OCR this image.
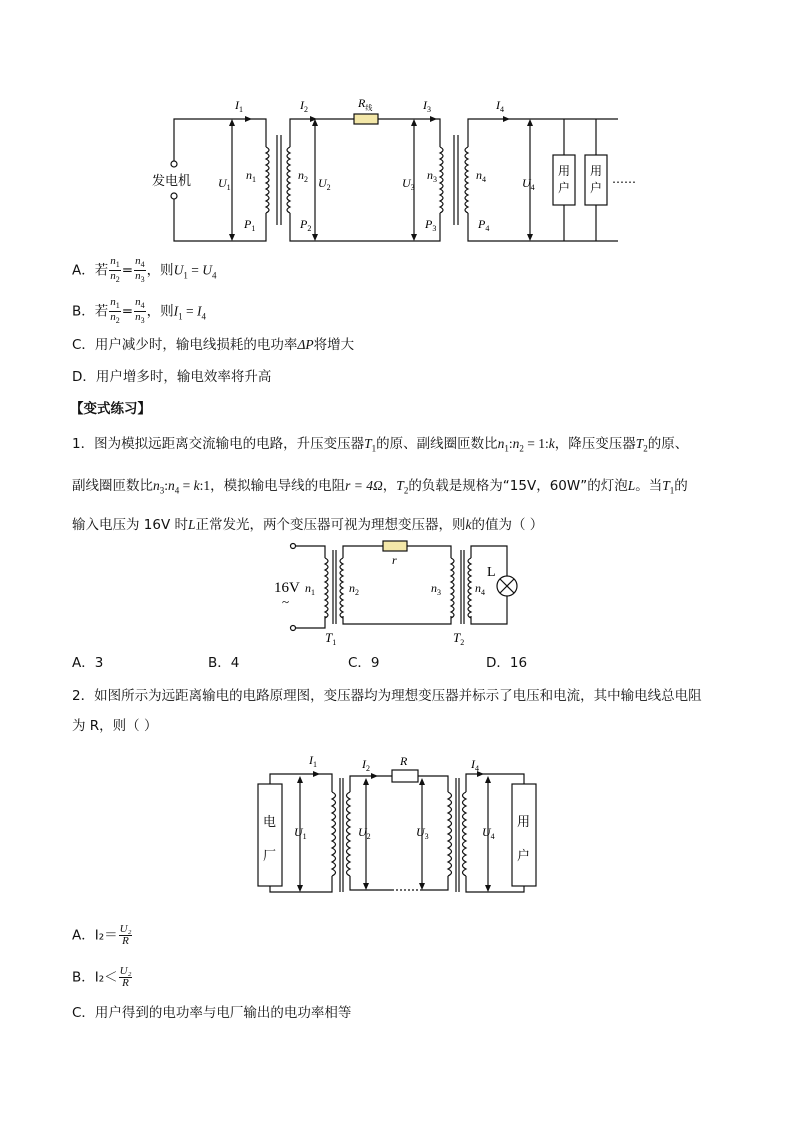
$I_1$	$I_2$	$I_3$	$I_4$
$R_线$
$U_1$	$U_2$	$U_3$	$U_4$
$n_1$	$n_2$	$n_3$	$n_4$
$P_1$	$P_2$	$P_3$	$P_4$
发电机
用
户
用
户
……
A．若 $\frac{n_1}{n_2} = \frac{n_4}{n_3}$ ，则$U_1 = U_4$
B．若 $\frac{n_1}{n_2} = \frac{n_4}{n_3}$ ，则$I_1 = I_4$
C．用户减少时，输电线损耗的电功率ΔP将增大
D．用户增多时，输电效率将升高
【变式练习】
1．图为模拟远距离交流输电的电路，升压变压器$T_1$的原、副线圈匝数比$n_1:n_2$ = 1:k，降压变压器$T_2$的原、
副线圈匝数比$n_3:n_4$ = k:1，模拟输电导线的电阻r = 4Ω，$T_2$的负载是规格为“15V，60W”的灯泡L。当$T_1$的
输入电压为 16V 时L正常发光，两个变压器可视为理想变压器，则k的值为（ ）
16V
~
$n_1$	$n_2$	$n_3$	$n_4$
r
$T_1$	$T_2$
L
A．3	B．4	C．9	D．16
2．如图所示为远距离输电的电路原理图，变压器均为理想变压器并标示了电压和电流，其中输电线总电阻
为 R，则（ ）
$I_1$	$I_2$
R	$I_4$
$U_1$	$U_2$	$U_3$	$U_4$
电
厂
用
户
A．$I_2= \frac{\text{U₂}}{R}$
B．$I_2< \frac{\text{U₂}}{R}$
C．用户得到的电功率与电厂输出的电功率相等
